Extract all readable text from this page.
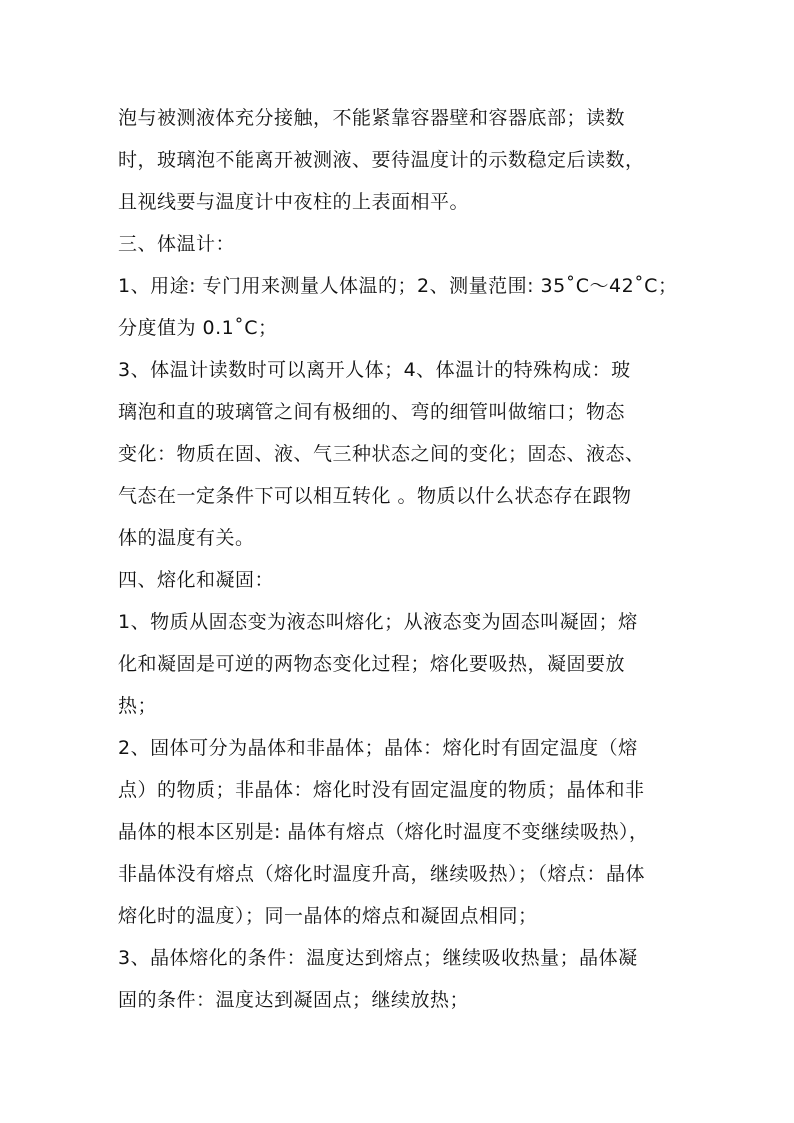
泡与被测液体充分接触，不能紧靠容器壁和容器底部；读数
时，玻璃泡不能离开被测液、要待温度计的示数稳定后读数，
且视线要与温度计中夜柱的上表面相平。
三、体温计：
1、用途: 专门用来测量人体温的；2、测量范围: 35˚C～42˚C；
分度值为 0.1˚C；
3、体温计读数时可以离开人体；4、体温计的特殊构成：玻
璃泡和直的玻璃管之间有极细的、弯的细管叫做缩口；物态
变化：物质在固、液、气三种状态之间的变化；固态、液态、
气态在一定条件下可以相互转化 。物质以什么状态存在跟物
体的温度有关。
四、熔化和凝固：
1、物质从固态变为液态叫熔化；从液态变为固态叫凝固；熔
化和凝固是可逆的两物态变化过程；熔化要吸热，凝固要放
热；
2、固体可分为晶体和非晶体；晶体：熔化时有固定温度（熔
点）的物质；非晶体：熔化时没有固定温度的物质；晶体和非
晶体的根本区别是: 晶体有熔点（熔化时温度不变继续吸热），
非晶体没有熔点（熔化时温度升高，继续吸热）；（熔点：晶体
熔化时的温度）；同一晶体的熔点和凝固点相同；
3、晶体熔化的条件：温度达到熔点；继续吸收热量；晶体凝
固的条件：温度达到凝固点；继续放热；
